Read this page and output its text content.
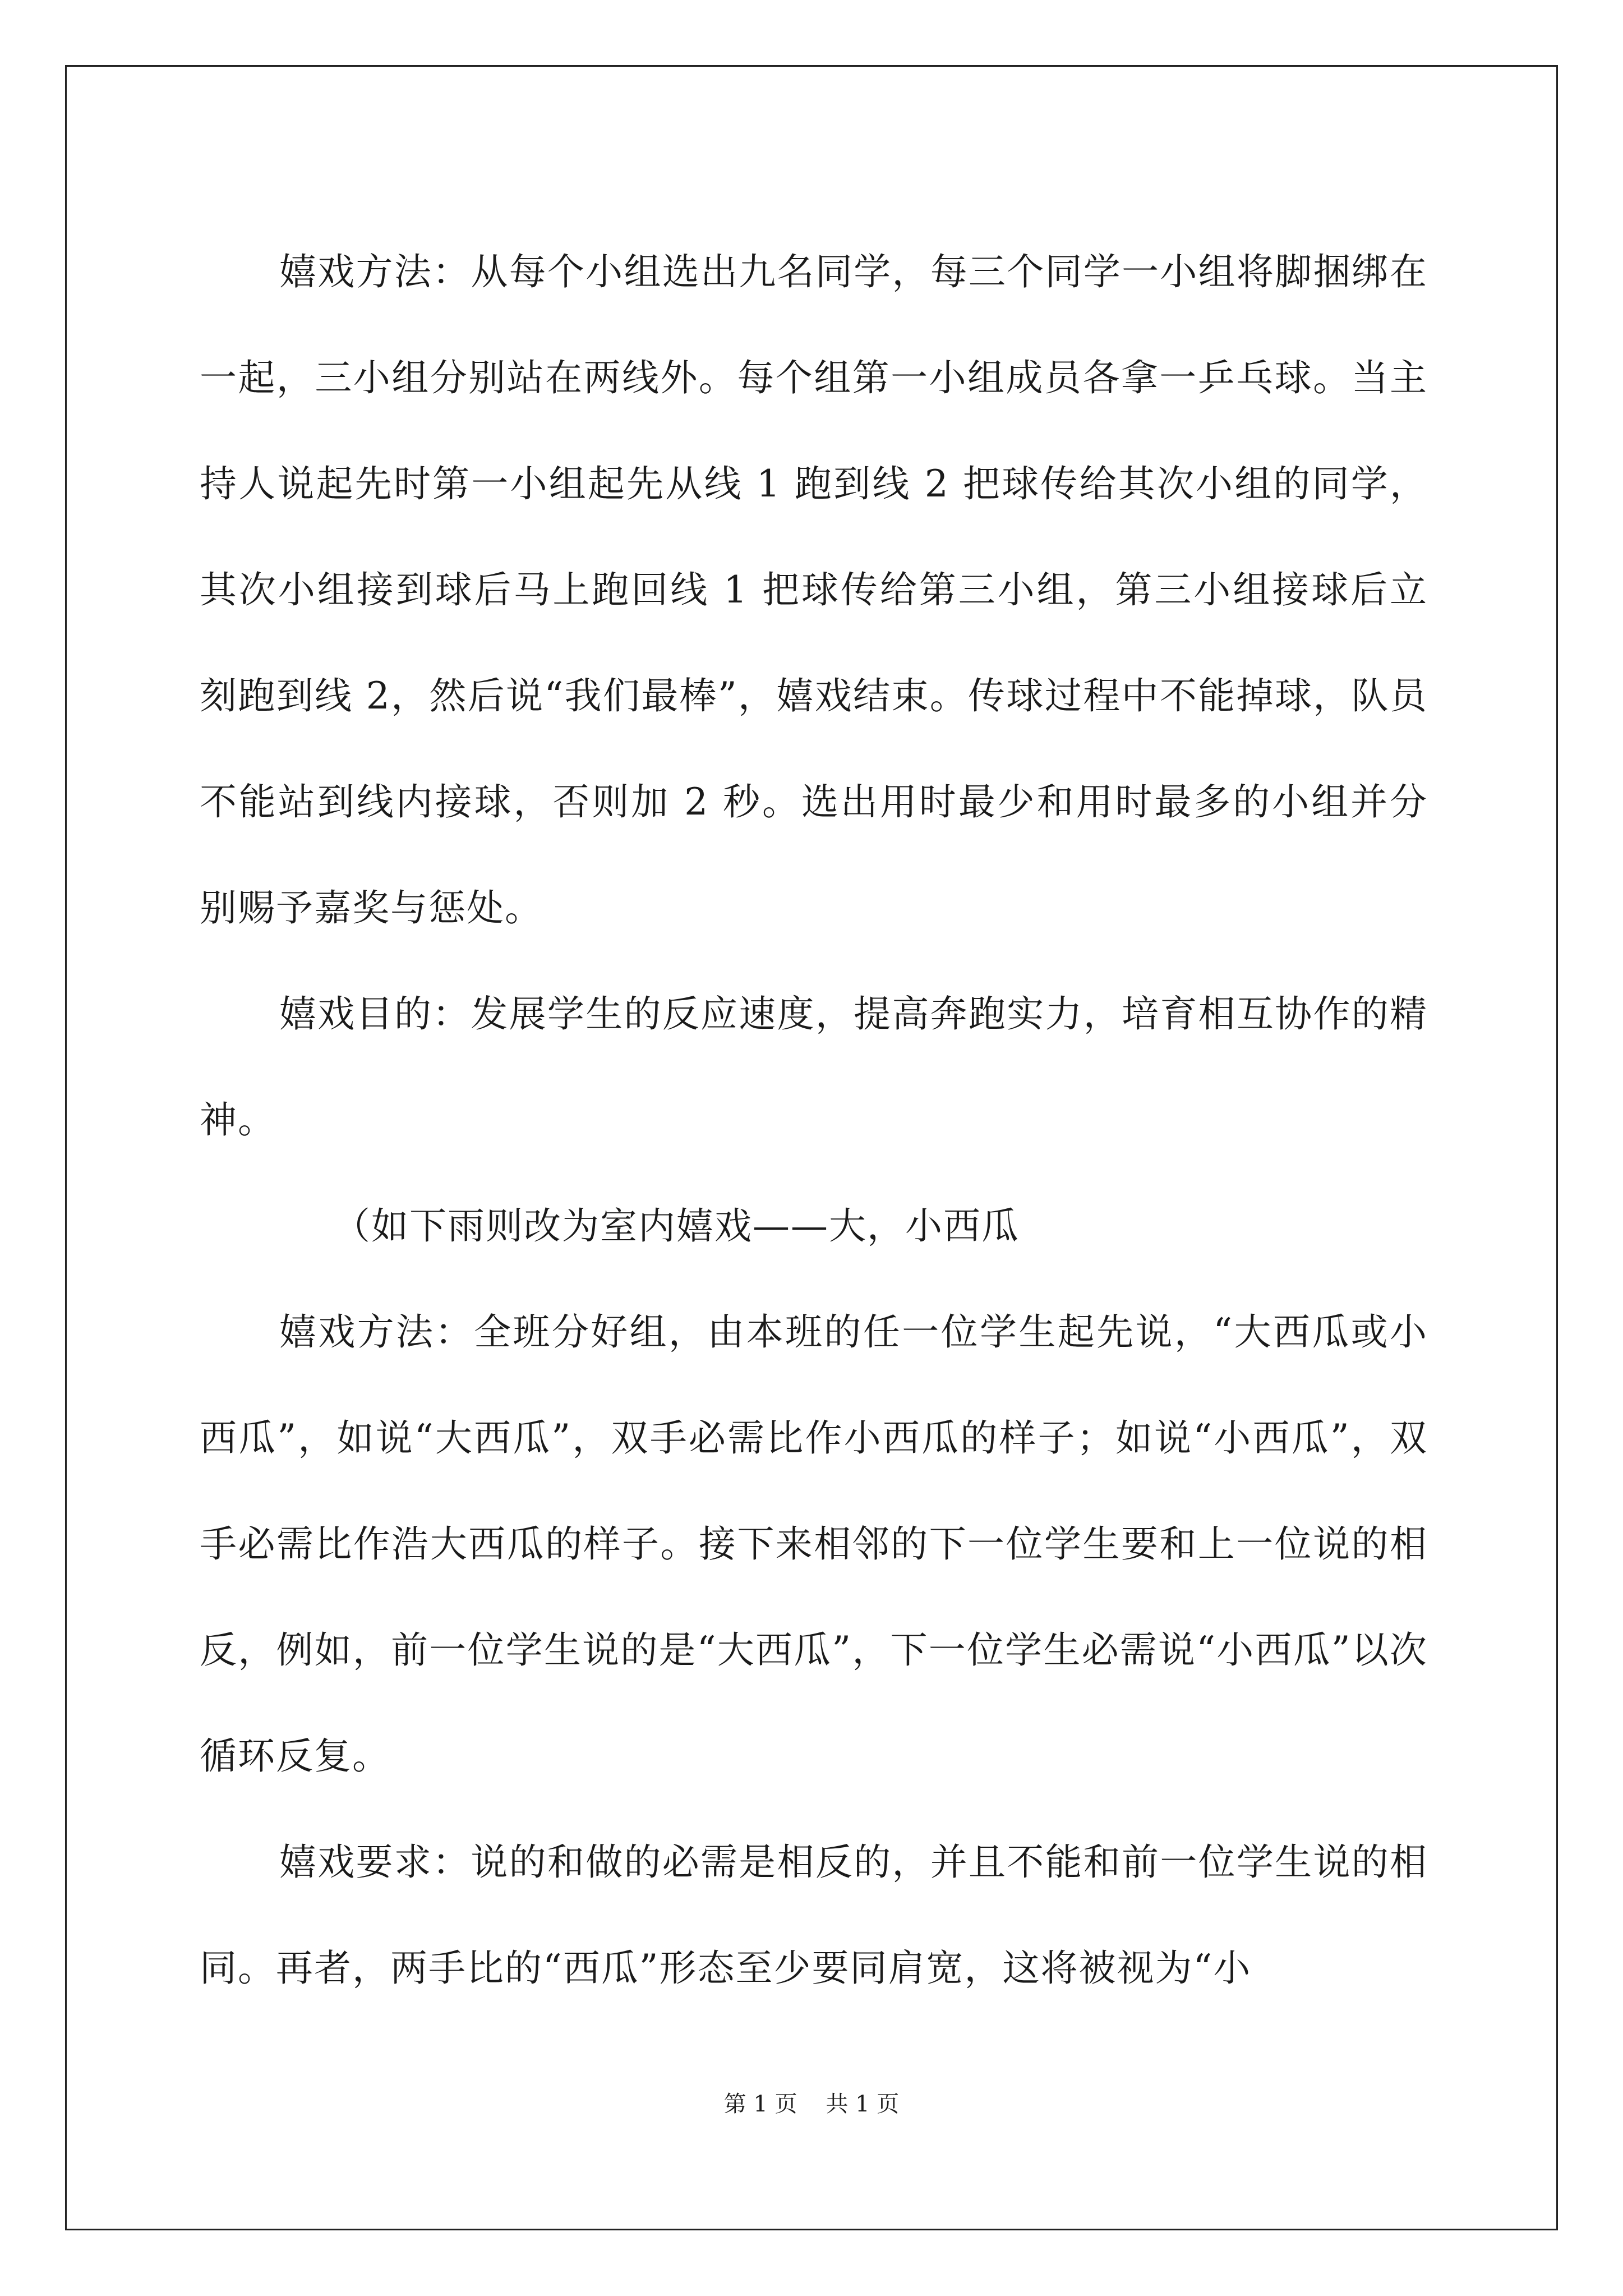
嬉戏方法：从每个小组选出九名同学，每三个同学一小组将脚捆绑在一起，三小组分别站在两线外。每个组第一小组成员各拿一乒乓球。当主持人说起先时第一小组起先从线 1 跑到线 2 把球传给其次小组的同学，其次小组接到球后马上跑回线 1 把球传给第三小组，第三小组接球后立刻跑到线 2，然后说“我们最棒”，嬉戏结束。传球过程中不能掉球，队员不能站到线内接球，否则加 2 秒。选出用时最少和用时最多的小组并分别赐予嘉奖与惩处。

嬉戏目的：发展学生的反应速度，提高奔跑实力，培育相互协作的精神。

（如下雨则改为室内嬉戏——大，小西瓜

嬉戏方法：全班分好组，由本班的任一位学生起先说，“大西瓜或小西瓜”，如说“大西瓜”，双手必需比作小西瓜的样子；如说“小西瓜”，双手必需比作浩大西瓜的样子。接下来相邻的下一位学生要和上一位说的相反，例如，前一位学生说的是“大西瓜”，下一位学生必需说“小西瓜”以次循环反复。

嬉戏要求：说的和做的必需是相反的，并且不能和前一位学生说的相同。再者，两手比的“西瓜”形态至少要同肩宽，这将被视为“小

第 1 页    共 1 页
